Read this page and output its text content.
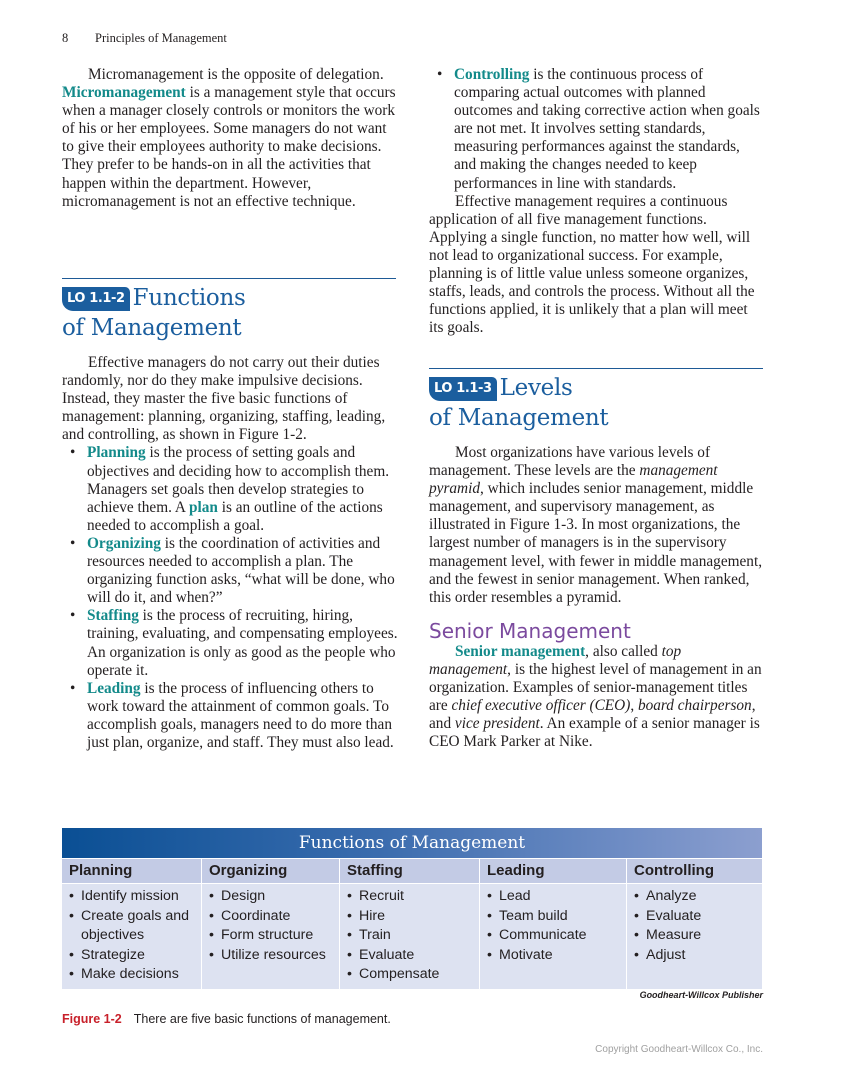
8 Principles of Management

Micromanagement is the opposite of delegation. Micromanagement is a management style that occurs when a manager closely controls or monitors the work of his or her employees. Some managers do not want to give their employees authority to make decisions. They prefer to be hands-on in all the activities that happen within the department. However, micromanagement is not an effective technique.

LO 1.1-2 Functions
of Management

Effective managers do not carry out their duties randomly, nor do they make impulsive decisions. Instead, they master the five basic functions of management: planning, organizing, staffing, leading, and controlling, as shown in Figure 1-2.

• Planning is the process of setting goals and objectives and deciding how to accomplish them. Managers set goals then develop strategies to achieve them. A plan is an outline of the actions needed to accomplish a goal.
• Organizing is the coordination of activities and resources needed to accomplish a plan. The organizing function asks, “what will be done, who will do it, and when?”
• Staffing is the process of recruiting, hiring, training, evaluating, and compensating employees. An organization is only as good as the people who operate it.
• Leading is the process of influencing others to work toward the attainment of common goals. To accomplish goals, managers need to do more than just plan, organize, and staff. They must also lead.
• Controlling is the continuous process of comparing actual outcomes with planned outcomes and taking corrective action when goals are not met. It involves setting standards, measuring performances against the standards, and making the changes needed to keep performances in line with standards.

Effective management requires a continuous application of all five management functions. Applying a single function, no matter how well, will not lead to organizational success. For example, planning is of little value unless someone organizes, staffs, leads, and controls the process. Without all the functions applied, it is unlikely that a plan will meet its goals.

LO 1.1-3 Levels
of Management

Most organizations have various levels of management. These levels are the management pyramid, which includes senior management, middle management, and supervisory management, as illustrated in Figure 1-3. In most organizations, the largest number of managers is in the supervisory management level, with fewer in middle management, and the fewest in senior management. When ranked, this order resembles a pyramid.

Senior Management

Senior management, also called top management, is the highest level of management in an organization. Examples of senior-management titles are chief executive officer (CEO), board chairperson, and vice president. An example of a senior manager is CEO Mark Parker at Nike.

Functions of Management
Planning
• Identify mission
• Create goals and objectives
• Strategize
• Make decisions
Organizing
• Design
• Coordinate
• Form structure
• Utilize resources
Staffing
• Recruit
• Hire
• Train
• Evaluate
• Compensate
Leading
• Lead
• Team build
• Communicate
• Motivate
Controlling
• Analyze
• Evaluate
• Measure
• Adjust
Goodheart-Willcox Publisher
Figure 1-2 There are five basic functions of management.
Copyright Goodheart-Willcox Co., Inc.
